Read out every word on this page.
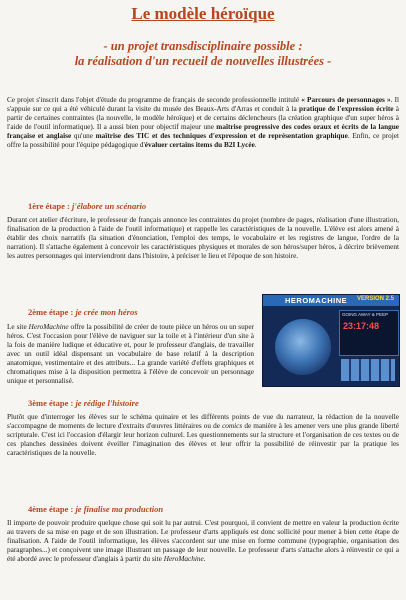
Le modèle héroïque
- un projet transdisciplinaire possible :
la réalisation d'un recueil de nouvelles illustrées -

Ce projet s'inscrit dans l'objet d'étude du programme de français de seconde professionnelle intitulé « Parcours de personnages ». Il s'appuie sur ce qui a été véhiculé durant la visite du musée des Beaux-Arts d'Arras et conduit à la pratique de l'expression écrite à partir de certaines contraintes (la nouvelle, le modèle héroïque) et de certains déclencheurs (la création graphique d'un super héros à l'aide de l'outil informatique). Il a aussi bien pour objectif majeur une maîtrise progressive des codes oraux et écrits de la langue française et anglaise qu'une maîtrise des TIC et des techniques d'expression et de représentation graphique. Enfin, ce projet offre la possibilité pour l'équipe pédagogique d'évaluer certains items du B2I Lycée.

1ère étape : j'élabore un scénario

Durant cet atelier d'écriture, le professeur de français annonce les contraintes du projet (nombre de pages, réalisation d'une illustration, finalisation de la production à l'aide de l'outil informatique) et rappelle les caractéristiques de la nouvelle. L'élève est alors amené à établir des choix narratifs (la situation d'énonciation, l'emploi des temps, le vocabulaire et les registres de langue, l'ordre de la narration). Il s'attache également à concevoir les caractéristiques physiques et morales de son héros/super héros, à décrire brièvement les autres personnages qui interviendront dans l'histoire, à préciser le lieu et l'époque de son histoire.

2ème étape : je crée mon héros

Le site HeroMachine offre la possibilité de créer de toute pièce un héros ou un super héros. C'est l'occasion pour l'élève de naviguer sur la toile et à l'intérieur d'un site à la fois de manière ludique et éducative et, pour le professeur d'anglais, de travailler avec un outil idéal dispensant un vocabulaire de base relatif à la description anatomique, vestimentaire et des attributs... La grande variété d'effets graphiques et chromatiques mise à la disposition permettra à l'élève de concevoir un personnage unique et personnalisé.

HEROMACHINE VERSION 2.5
GOING AWAY & PEEP
23:17:48
3ème étape : je rédige l'histoire

Plutôt que d'interroger les élèves sur le schéma quinaire et les différents points de vue du narrateur, la rédaction de la nouvelle s'accompagne de moments de lecture d'extraits d'œuvres littéraires ou de comics de manière à les amener vers une plus grande liberté scripturale. C'est ici l'occasion d'élargir leur horizon culturel. Les questionnements sur la structure et l'organisation de ces textes ou de ces planches dessinées doivent éveiller l'imagination des élèves et leur offrir la possibilité de réinvestir par la pratique les caractéristiques de la nouvelle.

4ème étape : je finalise ma production

Il importe de pouvoir produire quelque chose qui soit lu par autrui. C'est pourquoi, il convient de mettre en valeur la production écrite au travers de sa mise en page et de son illustration. Le professeur d'arts appliqués est donc sollicité pour mener à bien cette étape de finalisation. A l'aide de l'outil informatique, les élèves s'accordent sur une mise en forme commune (typographie, organisation des paragraphes...) et conçoivent une image illustrant un passage de leur nouvelle. Le professeur d'arts s'attache alors à réinvestir ce qui a été abordé avec le professeur d'anglais à partir du site HeroMachine.
